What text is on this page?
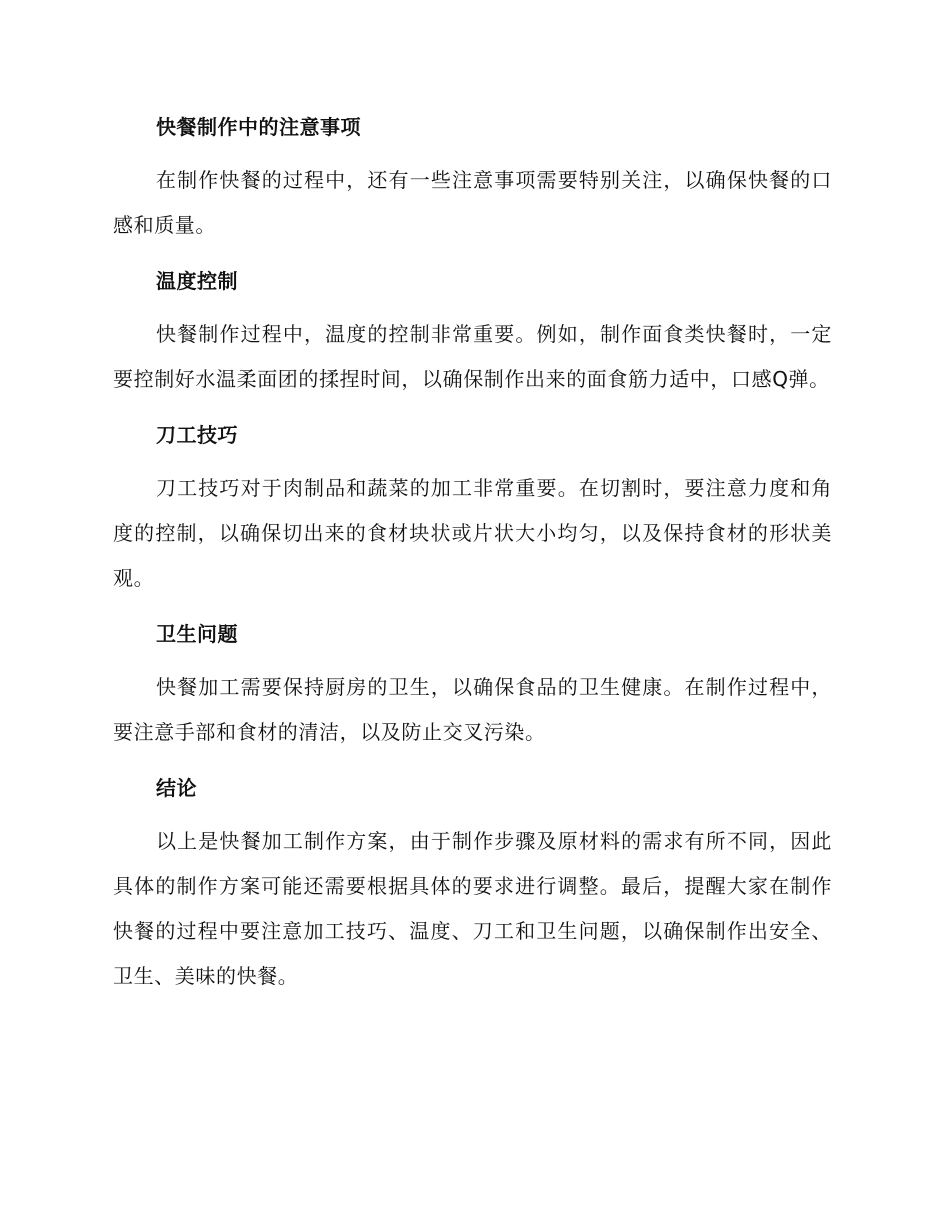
快餐制作中的注意事项

在制作快餐的过程中，还有一些注意事项需要特别关注，以确保快餐的口感和质量。

温度控制

快餐制作过程中，温度的控制非常重要。例如，制作面食类快餐时，一定要控制好水温柔面团的揉捏时间，以确保制作出来的面食筋力适中，口感Q弹。

刀工技巧

刀工技巧对于肉制品和蔬菜的加工非常重要。在切割时，要注意力度和角度的控制，以确保切出来的食材块状或片状大小均匀，以及保持食材的形状美观。

卫生问题

快餐加工需要保持厨房的卫生，以确保食品的卫生健康。在制作过程中，要注意手部和食材的清洁，以及防止交叉污染。

结论

以上是快餐加工制作方案，由于制作步骤及原材料的需求有所不同，因此具体的制作方案可能还需要根据具体的要求进行调整。最后，提醒大家在制作快餐的过程中要注意加工技巧、温度、刀工和卫生问题，以确保制作出安全、卫生、美味的快餐。
